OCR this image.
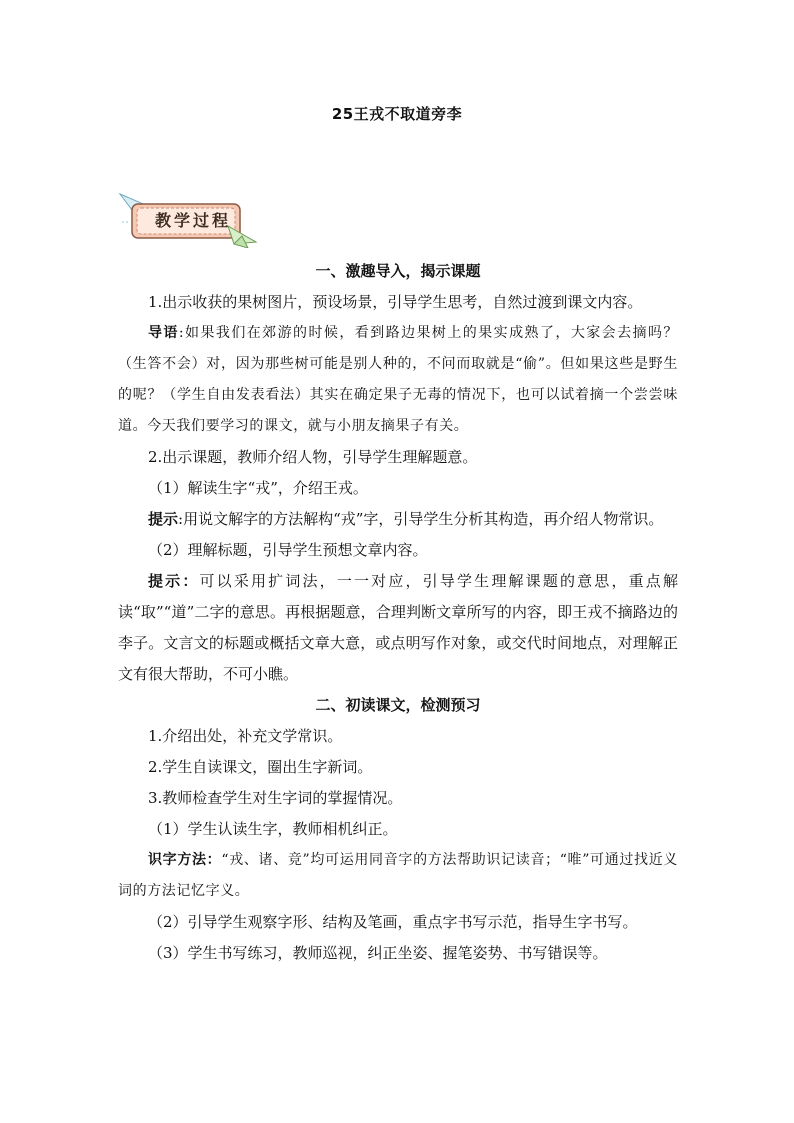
25王戎不取道旁李
教学过程
一、激趣导入，揭示课题
1.出示收获的果树图片，预设场景，引导学生思考，自然过渡到课文内容。
导语:如果我们在郊游的时候，看到路边果树上的果实成熟了，大家会去摘吗？（生答不会）对，因为那些树可能是别人种的，不问而取就是“偷”。但如果这些是野生的呢？（学生自由发表看法）其实在确定果子无毒的情况下，也可以试着摘一个尝尝味道。今天我们要学习的课文，就与小朋友摘果子有关。
2.出示课题，教师介绍人物，引导学生理解题意。
（1）解读生字“戎”，介绍王戎。
提示:用说文解字的方法解构“戎”字，引导学生分析其构造，再介绍人物常识。
（2）理解标题，引导学生预想文章内容。
提示：可以采用扩词法，一一对应，引导学生理解课题的意思，重点解读“取”“道”二字的意思。再根据题意，合理判断文章所写的内容，即王戎不摘路边的李子。文言文的标题或概括文章大意，或点明写作对象，或交代时间地点，对理解正文有很大帮助，不可小瞧。
二、初读课文，检测预习
1.介绍出处，补充文学常识。
2.学生自读课文，圈出生字新词。
3.教师检查学生对生字词的掌握情况。
（1）学生认读生字，教师相机纠正。
识字方法：“戎、诸、竞”均可运用同音字的方法帮助识记读音；“唯”可通过找近义词的方法记忆字义。
（2）引导学生观察字形、结构及笔画，重点字书写示范，指导生字书写。
（3）学生书写练习，教师巡视，纠正坐姿、握笔姿势、书写错误等。
